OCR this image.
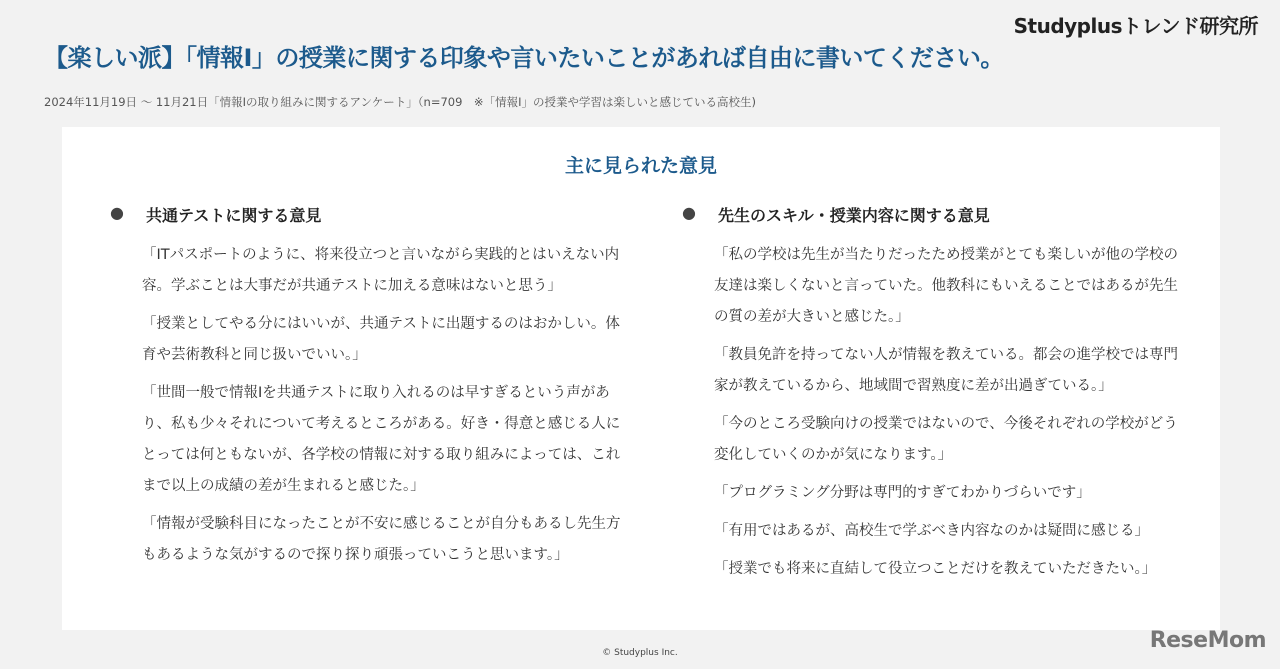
Studyplusトレンド研究所
【楽しい派】「情報Ⅰ」の授業に関する印象や言いたいことがあれば自由に書いてください。
2024年11月19日 〜 11月21日「情報Ⅰの取り組みに関するアンケート」（n=709　※「情報Ⅰ」の授業や学習は楽しいと感じている高校生)
主に見られた意見
● 共通テストに関する意見

「ITパスポートのように、将来役立つと言いながら実践的とはいえない内容。学ぶことは大事だが共通テストに加える意味はないと思う」

「授業としてやる分にはいいが、共通テストに出題するのはおかしい。体育や芸術教科と同じ扱いでいい。」

「世間一般で情報Iを共通テストに取り入れるのは早すぎるという声があり、私も少々それについて考えるところがある。好き・得意と感じる人にとっては何ともないが、各学校の情報に対する取り組みによっては、これまで以上の成績の差が生まれると感じた。」

「情報が受験科目になったことが不安に感じることが自分もあるし先生方もあるような気がするので探り探り頑張っていこうと思います。」

● 先生のスキル・授業内容に関する意見

「私の学校は先生が当たりだったため授業がとても楽しいが他の学校の友達は楽しくないと言っていた。他教科にもいえることではあるが先生の質の差が大きいと感じた。」

「教員免許を持ってない人が情報を教えている。都会の進学校では専門家が教えているから、地域間で習熟度に差が出過ぎている。」

「今のところ受験向けの授業ではないので、今後それぞれの学校がどう変化していくのかが気になります。」

「プログラミング分野は専門的すぎてわかりづらいです」

「有用ではあるが、高校生で学ぶべき内容なのかは疑問に感じる」

「授業でも将来に直結して役立つことだけを教えていただきたい。」

© Studyplus Inc.	ReseMom
